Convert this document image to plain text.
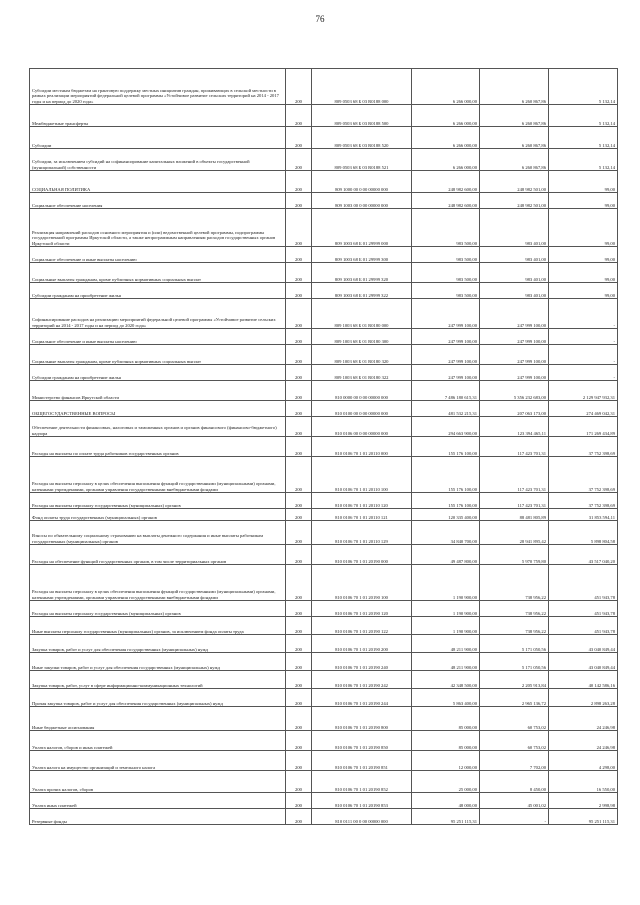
76
Субсидии местным бюджетам на грантовую поддержку местных инициатив граждан, проживающих в сельской местности в рамках реализации мероприятий федеральной целевой программы «Устойчивое развитие сельских территорий на 2014 - 2017 годы и на период до 2020 года»	200	809 0503 68 Б 03 R0188 000	6 266 000,00	6 260 867,86	5 132,14
Межбюджетные трансферты	200	809 0503 68 Б 03 R0188 500	6 266 000,00	6 260 867,86	5 132,14
Субсидии	200	809 0503 68 Б 03 R0188 520	6 266 000,00	6 260 867,86	5 132,14
Субсидии, за исключением субсидий на софинансирование капитальных вложений в объекты государственной (муниципальной) собственности	200	809 0503 68 Б 03 R0188 521	6 266 000,00	6 260 867,86	5 132,14
СОЦИАЛЬНАЯ ПОЛИТИКА	200	809 1000 00 0 00 00000 000	248 982 600,00	248 982 501,00	99,00
Социальное обеспечение населения	200	809 1003 00 0 00 00000 000	248 982 600,00	248 982 501,00	99,00
Реализация направлений расходов основного мероприятия и (или) ведомственной целевой программы, подпрограммы государственной программы Иркутской области, а также непрограммным направлениям расходов государственных органов Иркутской области	200	809 1003 68 Б 01 29999 000	983 500,00	983 401,00	99,00
Социальное обеспечение и иные выплаты населению	200	809 1003 68 Б 01 29999 300	983 500,00	983 401,00	99,00
Социальные выплаты гражданам, кроме публичных нормативных социальных выплат	200	809 1003 68 Б 01 29999 320	983 500,00	983 401,00	99,00
Субсидии гражданам на приобретение жилья	200	809 1003 68 Б 01 29999 322	983 500,00	983 401,00	99,00
Софинансирование расходов на реализацию мероприятий федеральной целевой программы «Устойчивое развитие сельских территорий на 2014 - 2017 годы и на период до 2020 года»	200	809 1003 68 Б 01 R0180 000	247 999 100,00	247 999 100,00	-
Социальное обеспечение и иные выплаты населению	200	809 1003 68 Б 01 R0180 300	247 999 100,00	247 999 100,00	-
Социальные выплаты гражданам, кроме публичных нормативных социальных выплат	200	809 1003 68 Б 01 R0180 320	247 999 100,00	247 999 100,00	-
Субсидии гражданам на приобретение жилья	200	809 1003 68 Б 01 R0180 322	247 999 100,00	247 999 100,00	-
Министерство финансов Иркутской области	200	810 0000 00 0 00 00000 000	7 486 180 615,31	5 356 232 683,00	2 129 947 932,31
ОБЩЕГОСУДАРСТВЕННЫЕ ВОПРОСЫ	200	810 0100 00 0 00 00000 000	481 532 215,31	207 063 173,00	274 469 042,31
Обеспечение деятельности финансовых, налоговых и таможенных органов и органов финансового (финансово-бюджетного) надзора	200	810 0106 00 0 00 00000 000	294 663 900,00	123 394 465,11	171 269 434,89
Расходы на выплаты по оплате труда работников государственных органов	200	810 0106 70 1 01 20110 000	155 176 100,00	117 423 701,31	37 752 398,69
Расходы на выплаты персоналу в целях обеспечения выполнения функций государственными (муниципальными) органами, казенными учреждениями, органами управления государственными внебюджетными фондами	200	810 0106 70 1 01 20110 100	155 176 100,00	117 423 701,31	37 752 398,69
Расходы на выплаты персоналу государственных (муниципальных) органов	200	810 0106 70 1 01 20110 120	155 176 100,00	117 423 701,31	37 752 398,69
Фонд оплаты труда государственных (муниципальных) органов	200	810 0106 70 1 01 20110 121	120 335 400,00	88 481 805,89	31 853 594,11
Взносы по обязательному социальному страхованию на выплаты денежного содержания и иные выплаты работникам государственных (муниципальных) органов	200	810 0106 70 1 01 20110 129	34 840 700,00	28 941 895,42	5 898 804,58
Расходы на обеспечение функций государственных органов, в том числе территориальных органов	200	810 0106 70 1 01 20190 000	49 487 800,00	5 970 759,80	43 517 040,20
Расходы на выплаты персоналу в целях обеспечения выполнения функций государственными (муниципальными) органами, казенными учреждениями, органами управления государственными внебюджетными фондами	200	810 0106 70 1 01 20190 100	1 190 900,00	738 956,22	451 943,78
Расходы на выплаты персоналу государственных (муниципальных) органов	200	810 0106 70 1 01 20190 120	1 190 900,00	738 956,22	451 943,78
Иные выплаты персоналу государственных (муниципальных) органов, за исключением фонда оплаты труда	200	810 0106 70 1 01 20190 122	1 190 900,00	738 956,22	451 943,78
Закупка товаров, работ и услуг для обеспечения государственных (муниципальных) нужд	200	810 0106 70 1 01 20190 200	48 211 900,00	5 171 050,56	43 040 849,44
Иные закупки товаров, работ и услуг для обеспечения государственных (муниципальных) нужд	200	810 0106 70 1 01 20190 240	48 211 900,00	5 171 050,56	43 040 849,44
Закупка товаров, работ, услуг в сфере информационно-коммуникационных технологий	200	810 0106 70 1 01 20190 242	42 348 500,00	2 205 913,84	40 142 586,16
Прочая закупка товаров, работ и услуг для обеспечения государственных (муниципальных) нужд	200	810 0106 70 1 01 20190 244	5 863 400,00	2 965 136,72	2 898 263,28
Иные бюджетные ассигнования	200	810 0106 70 1 01 20190 800	85 000,00	60 753,02	24 246,98
Уплата налогов, сборов и иных платежей	200	810 0106 70 1 01 20190 850	85 000,00	60 753,02	24 246,98
Уплата налога на имущество организаций и земельного налога	200	810 0106 70 1 01 20190 851	12 000,00	7 702,00	4 298,00
Уплата прочих налогов, сборов	200	810 0106 70 1 01 20190 852	25 000,00	8 450,00	16 550,00
Уплата иных платежей	200	810 0106 70 1 01 20190 853	48 000,00	45 001,02	2 998,98
Резервные фонды	200	810 0111 00 0 00 00000 000	95 251 115,31	-	95 251 115,31
